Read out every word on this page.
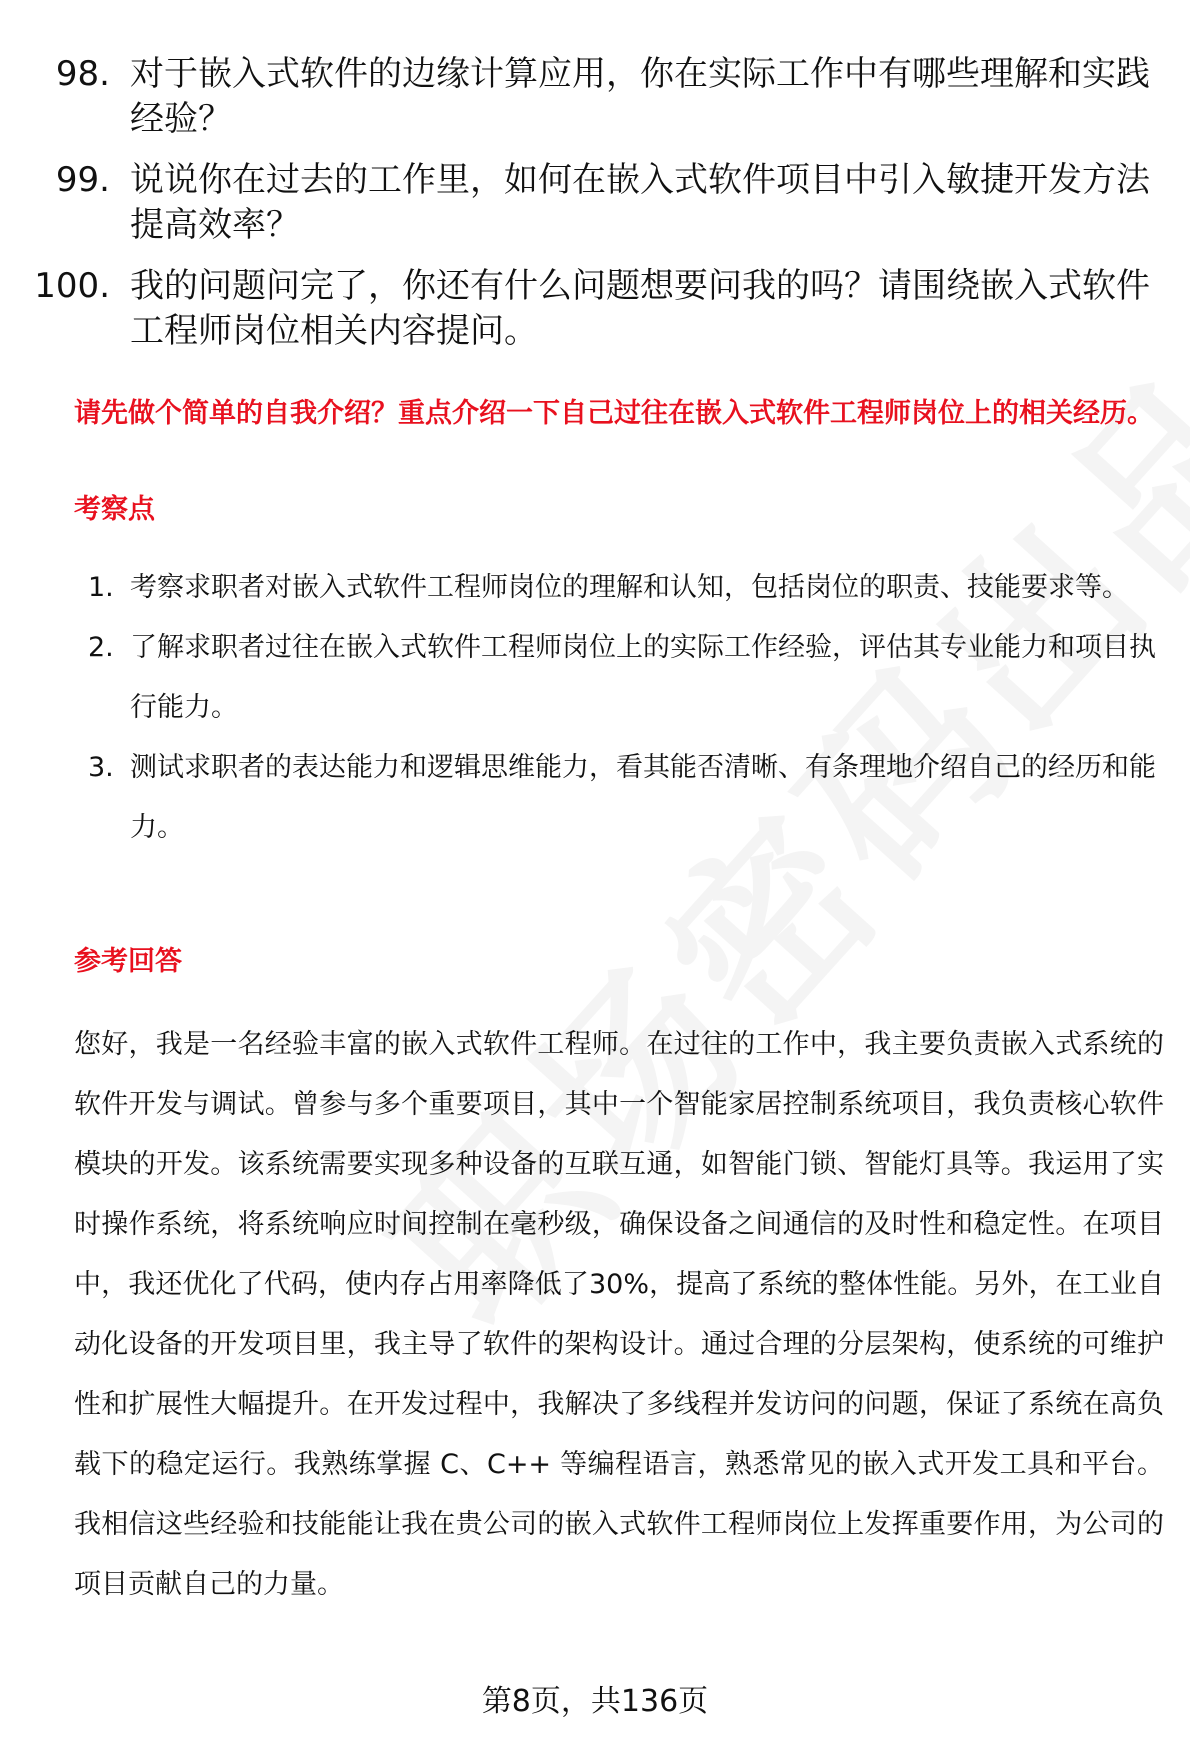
98. 对于嵌入式软件的边缘计算应用，你在实际工作中有哪些理解和实践经验？
99. 说说你在过去的工作里，如何在嵌入式软件项目中引入敏捷开发方法提高效率？
100. 我的问题问完了，你还有什么问题想要问我的吗？请围绕嵌入式软件工程师岗位相关内容提问。
请先做个简单的自我介绍？重点介绍一下自己过往在嵌入式软件工程师岗位上的相关经历。
考察点
1. 考察求职者对嵌入式软件工程师岗位的理解和认知，包括岗位的职责、技能要求等。
2. 了解求职者过往在嵌入式软件工程师岗位上的实际工作经验，评估其专业能力和项目执行能力。
3. 测试求职者的表达能力和逻辑思维能力，看其能否清晰、有条理地介绍自己的经历和能力。
参考回答
您好，我是一名经验丰富的嵌入式软件工程师。在过往的工作中，我主要负责嵌入式系统的软件开发与调试。曾参与多个重要项目，其中一个智能家居控制系统项目，我负责核心软件模块的开发。该系统需要实现多种设备的互联互通，如智能门锁、智能灯具等。我运用了实时操作系统，将系统响应时间控制在毫秒级，确保设备之间通信的及时性和稳定性。在项目中，我还优化了代码，使内存占用率降低了30%，提高了系统的整体性能。另外，在工业自动化设备的开发项目里，我主导了软件的架构设计。通过合理的分层架构，使系统的可维护性和扩展性大幅提升。在开发过程中，我解决了多线程并发访问的问题，保证了系统在高负载下的稳定运行。我熟练掌握 C、C++ 等编程语言，熟悉常见的嵌入式开发工具和平台。我相信这些经验和技能能让我在贵公司的嵌入式软件工程师岗位上发挥重要作用，为公司的项目贡献自己的力量。
第8页，共136页
